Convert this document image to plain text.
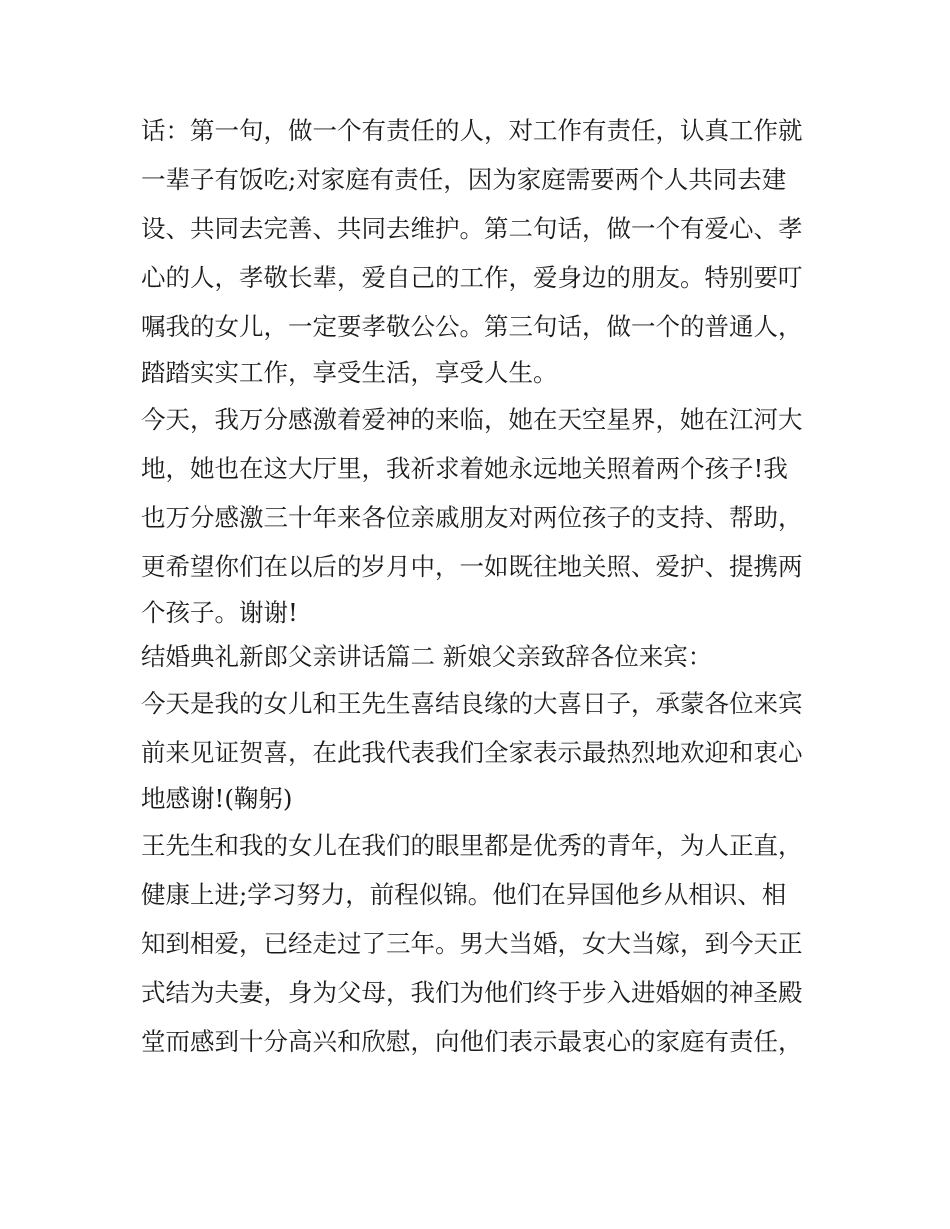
话：第一句，做一个有责任的人，对工作有责任，认真工作就
一辈子有饭吃;对家庭有责任，因为家庭需要两个人共同去建
设、共同去完善、共同去维护。第二句话，做一个有爱心、孝
心的人，孝敬长辈，爱自己的工作，爱身边的朋友。特别要叮
嘱我的女儿，一定要孝敬公公。第三句话，做一个的普通人，
踏踏实实工作，享受生活，享受人生。
今天，我万分感激着爱神的来临，她在天空星界，她在江河大
地，她也在这大厅里，我祈求着她永远地关照着两个孩子!我
也万分感激三十年来各位亲戚朋友对两位孩子的支持、帮助，
更希望你们在以后的岁月中，一如既往地关照、爱护、提携两
个孩子。谢谢!
结婚典礼新郎父亲讲话篇二 新娘父亲致辞各位来宾：
今天是我的女儿和王先生喜结良缘的大喜日子，承蒙各位来宾
前来见证贺喜，在此我代表我们全家表示最热烈地欢迎和衷心
地感谢!(鞠躬)
王先生和我的女儿在我们的眼里都是优秀的青年，为人正直，
健康上进;学习努力，前程似锦。他们在异国他乡从相识、相
知到相爱，已经走过了三年。男大当婚，女大当嫁，到今天正
式结为夫妻，身为父母，我们为他们终于步入进婚姻的神圣殿
堂而感到十分高兴和欣慰，向他们表示最衷心的家庭有责任，
